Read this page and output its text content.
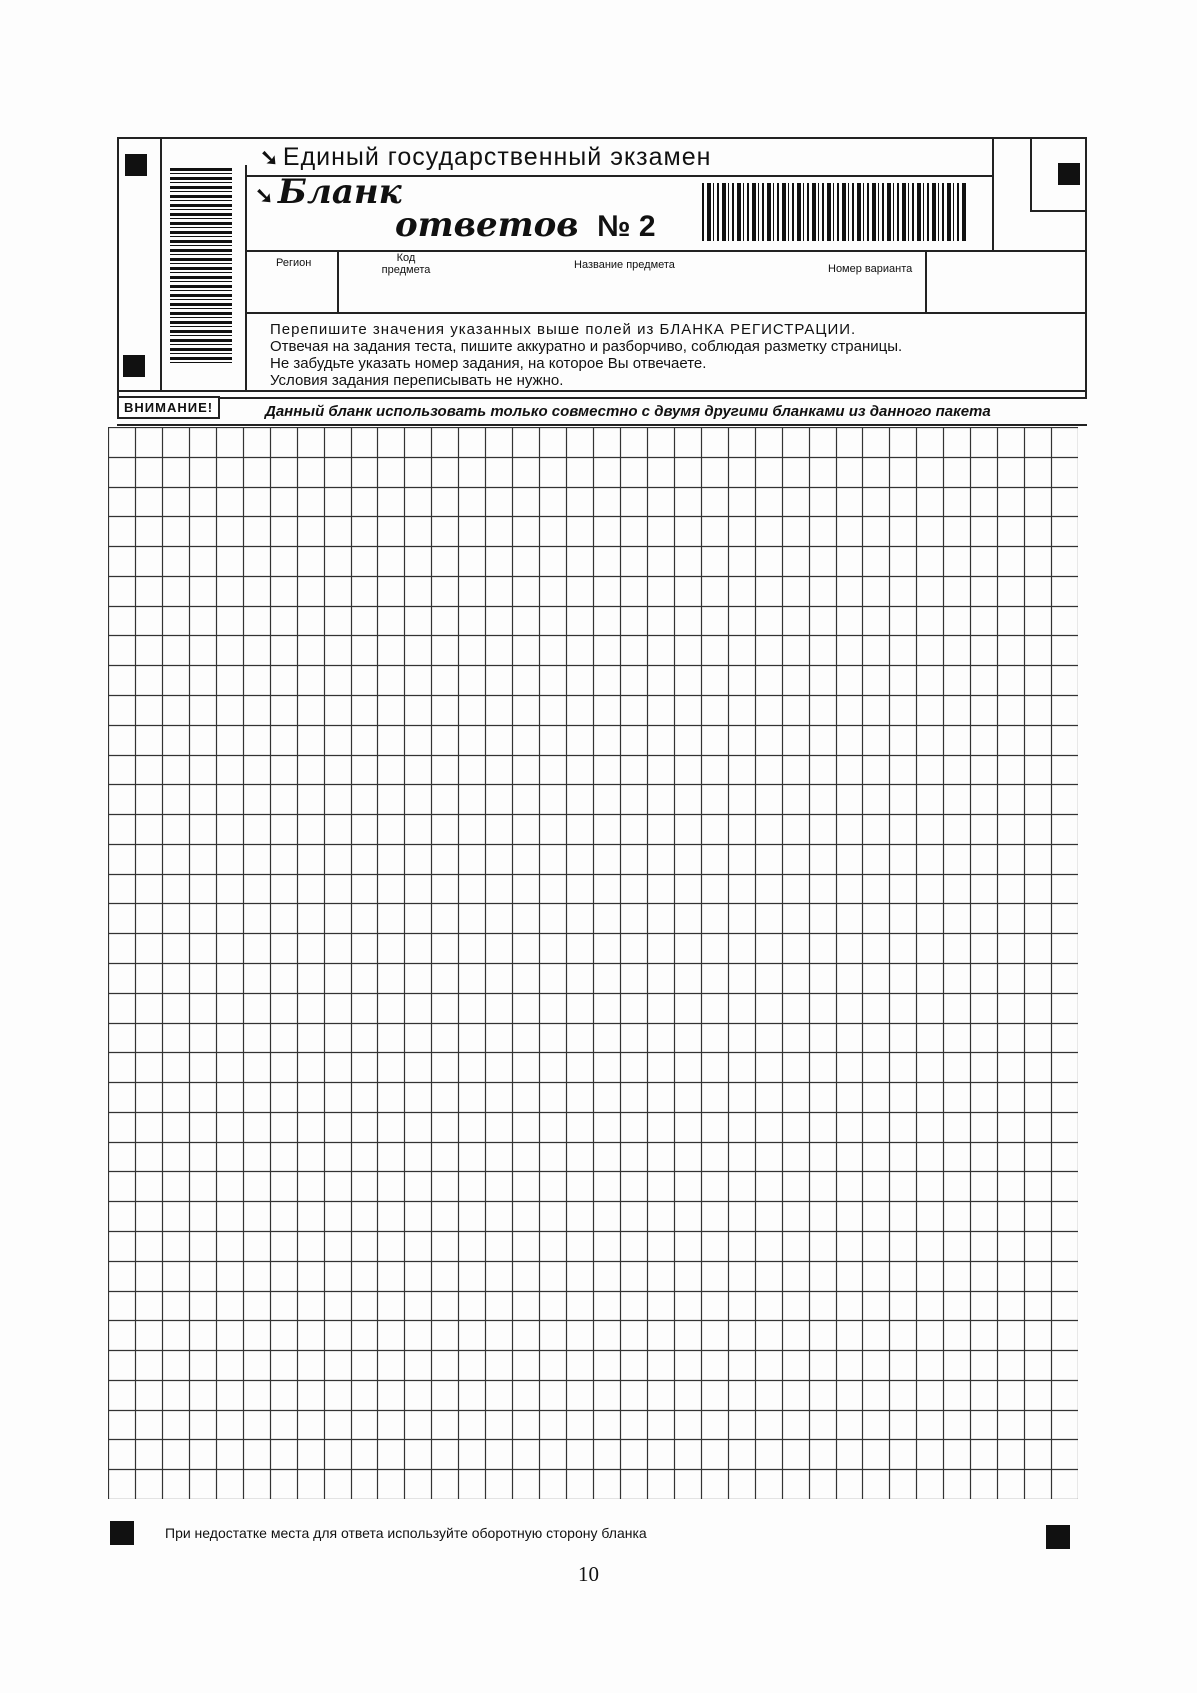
➘ Единый государственный экзамен
➘ Бланк
ответов № 2
Регион	Код предмета	Название предмета	Номер варианта
Перепишите значения указанных выше полей из БЛАНКА РЕГИСТРАЦИИ.
Отвечая на задания теста, пишите аккуратно и разборчиво, соблюдая разметку страницы.
Не забудьте указать номер задания, на которое Вы отвечаете.
Условия задания переписывать не нужно.
ВНИМАНИЕ!	Данный бланк использовать только совместно с двумя другими бланками из данного пакета
При недостатке места для ответа используйте оборотную сторону бланка
10
